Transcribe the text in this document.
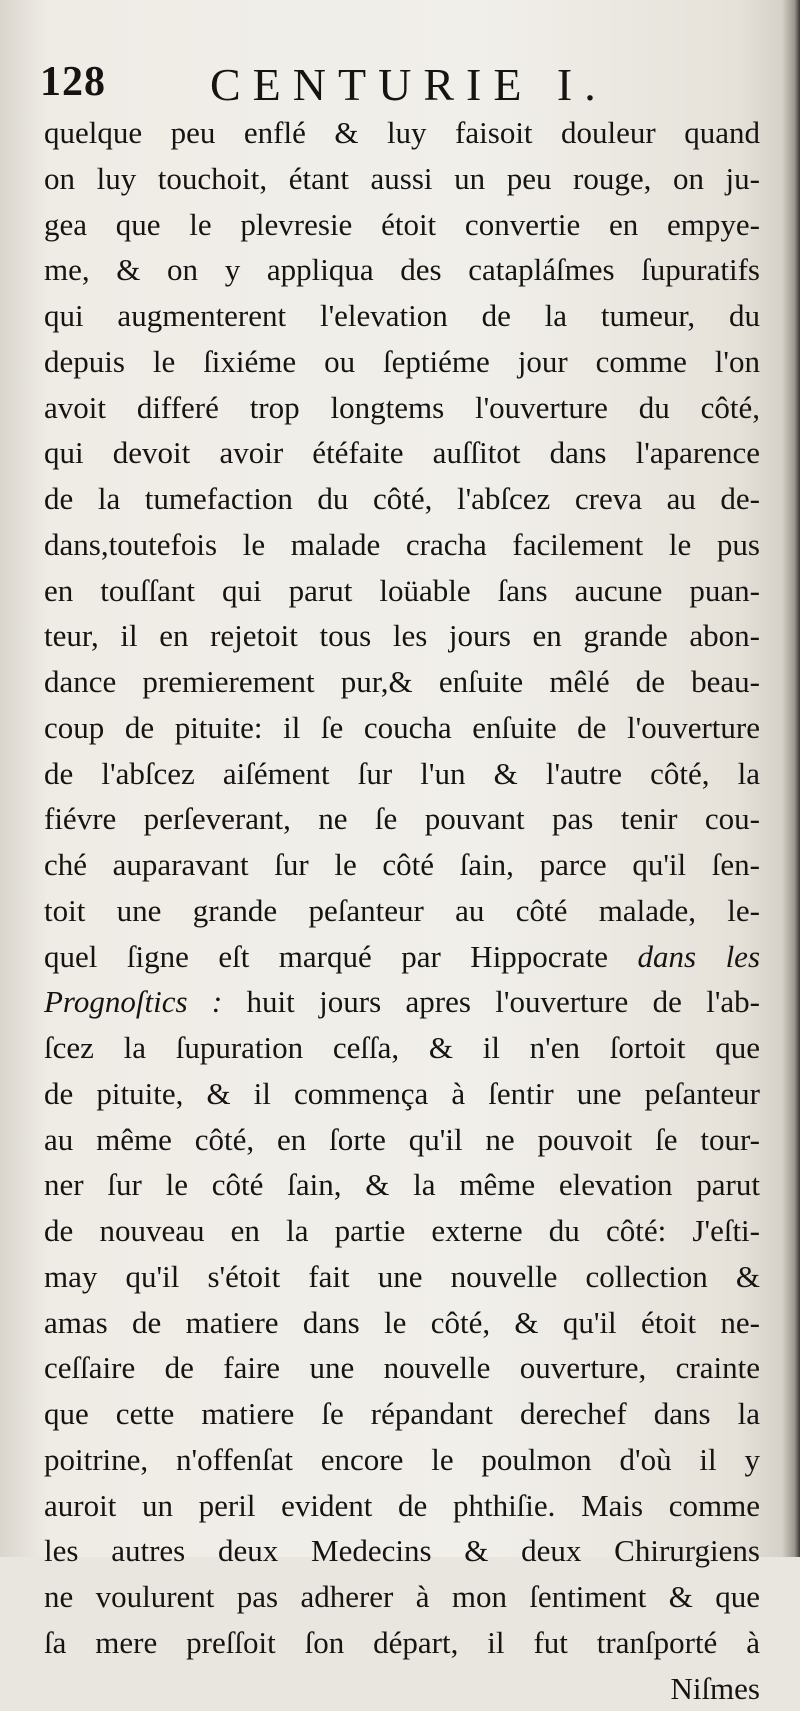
128 CENTURIE I.
quelque peu enflé & luy faisoit douleur quand
on luy touchoit, étant aussi un peu rouge, on ju-
gea que le plevresie étoit convertie en empye-
me, & on y appliqua des catapláſmes ſupuratifs
qui augmenterent l'elevation de la tumeur, du
depuis le ſixiéme ou ſeptiéme jour comme l'on
avoit differé trop longtems l'ouverture du côté,
qui devoit avoir étéfaite auſſitot dans l'aparence
de la tumefaction du côté, l'abſcez creva au de-
dans,toutefois le malade cracha facilement le pus
en touſſant qui parut loüable ſans aucune puan-
teur, il en rejetoit tous les jours en grande abon-
dance premierement pur,& enſuite mêlé de beau-
coup de pituite: il ſe coucha enſuite de l'ouverture
de l'abſcez aiſément ſur l'un & l'autre côté, la
fiévre perſeverant, ne ſe pouvant pas tenir cou-
ché auparavant ſur le côté ſain, parce qu'il ſen-
toit une grande peſanteur au côté malade, le-
quel ſigne eſt marqué par Hippocrate dans les
Prognoſtics : huit jours apres l'ouverture de l'ab-
ſcez la ſupuration ceſſa, & il n'en ſortoit que
de pituite, & il commença à ſentir une peſanteur
au même côté, en ſorte qu'il ne pouvoit ſe tour-
ner ſur le côté ſain, & la même elevation parut
de nouveau en la partie externe du côté: J'eſti-
may qu'il s'étoit fait une nouvelle collection &
amas de matiere dans le côté, & qu'il étoit ne-
ceſſaire de faire une nouvelle ouverture, crainte
que cette matiere ſe répandant derechef dans la
poitrine, n'offenſat encore le poulmon d'où il y
auroit un peril evident de phthiſie. Mais comme
les autres deux Medecins & deux Chirurgiens
ne voulurent pas adherer à mon ſentiment & que
ſa mere preſſoit ſon départ, il fut tranſporté à
Niſmes
